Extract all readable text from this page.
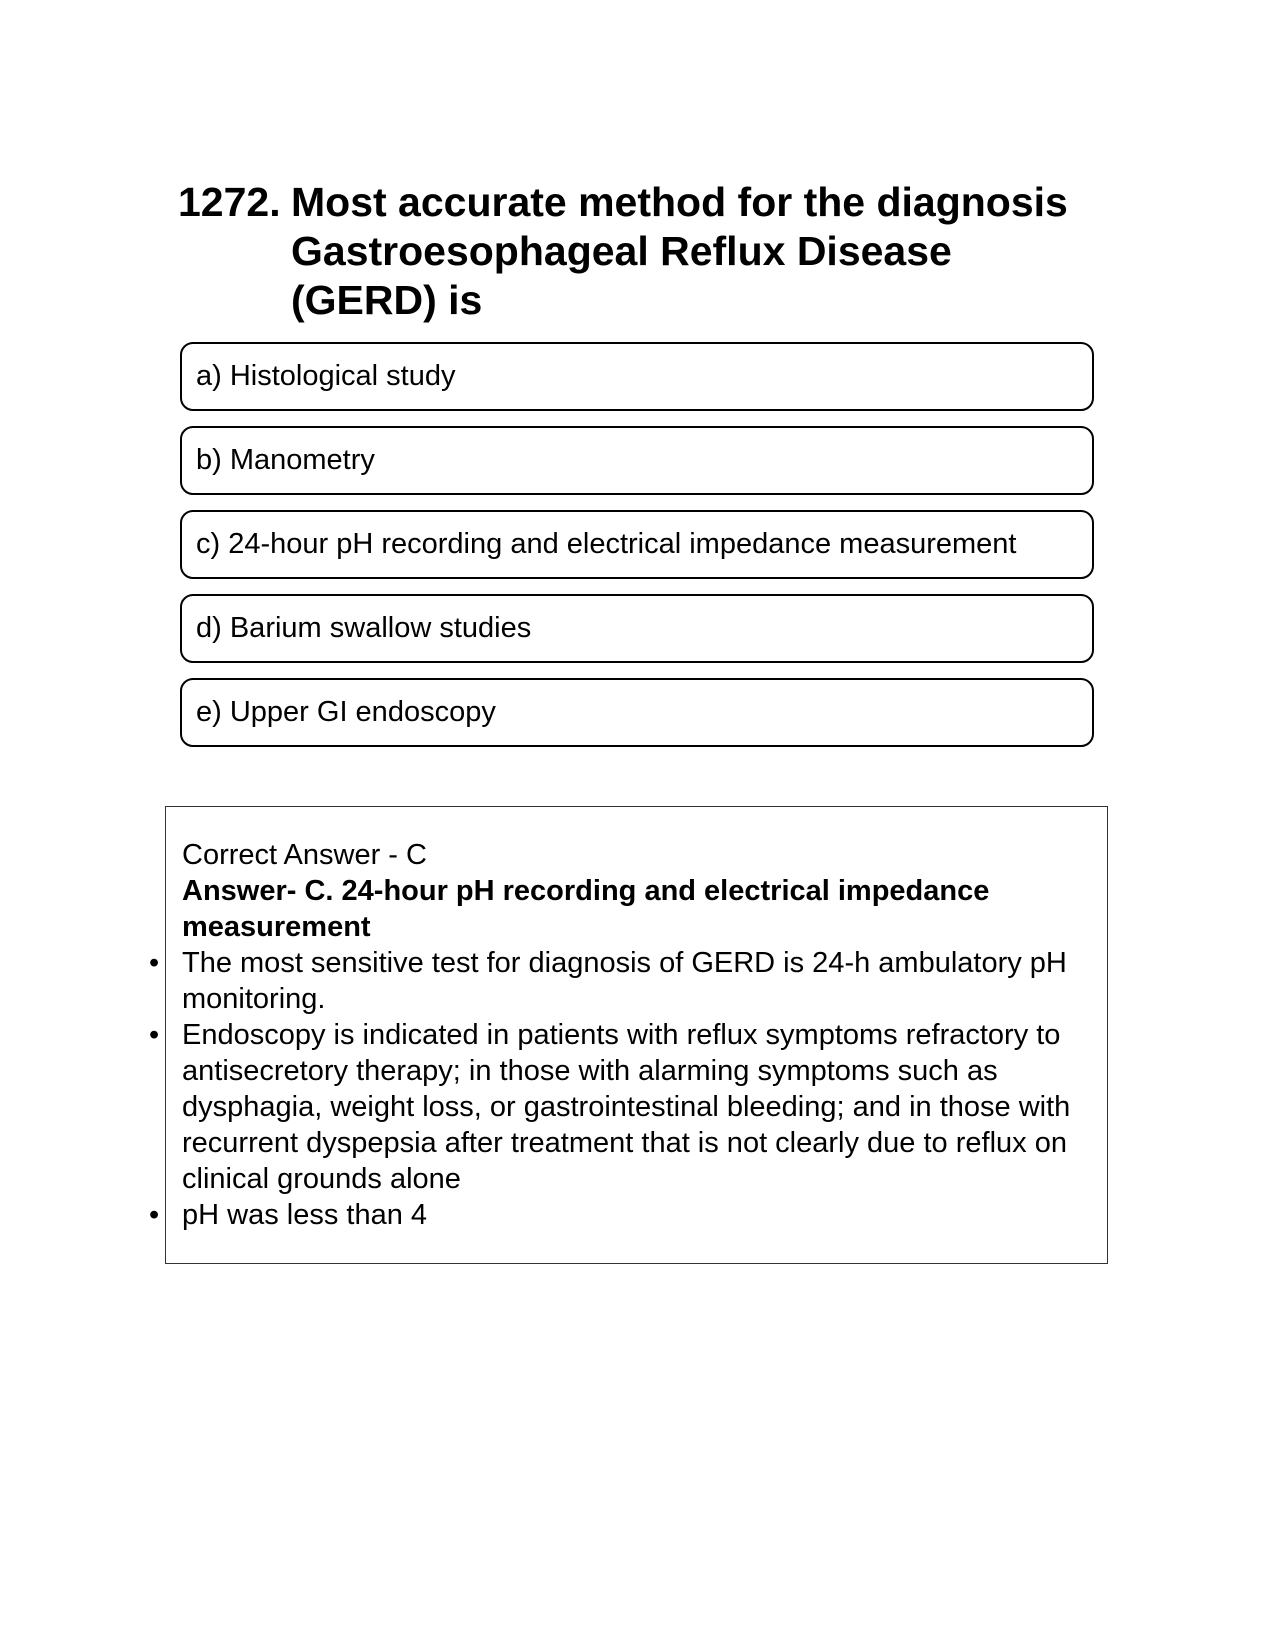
1272. Most accurate method for the diagnosis Gastroesophageal Reflux Disease (GERD) is
a) Histological study
b) Manometry
c) 24-hour pH recording and electrical impedance measurement
d) Barium swallow studies
e) Upper GI endoscopy
Correct Answer - C
Answer- C. 24-hour pH recording and electrical impedance measurement
• The most sensitive test for diagnosis of GERD is 24-h ambulatory pH monitoring.
• Endoscopy is indicated in patients with reflux symptoms refractory to antisecretory therapy; in those with alarming symptoms such as dysphagia, weight loss, or gastrointestinal bleeding; and in those with recurrent dyspepsia after treatment that is not clearly due to reflux on clinical grounds alone
• pH was less than 4
